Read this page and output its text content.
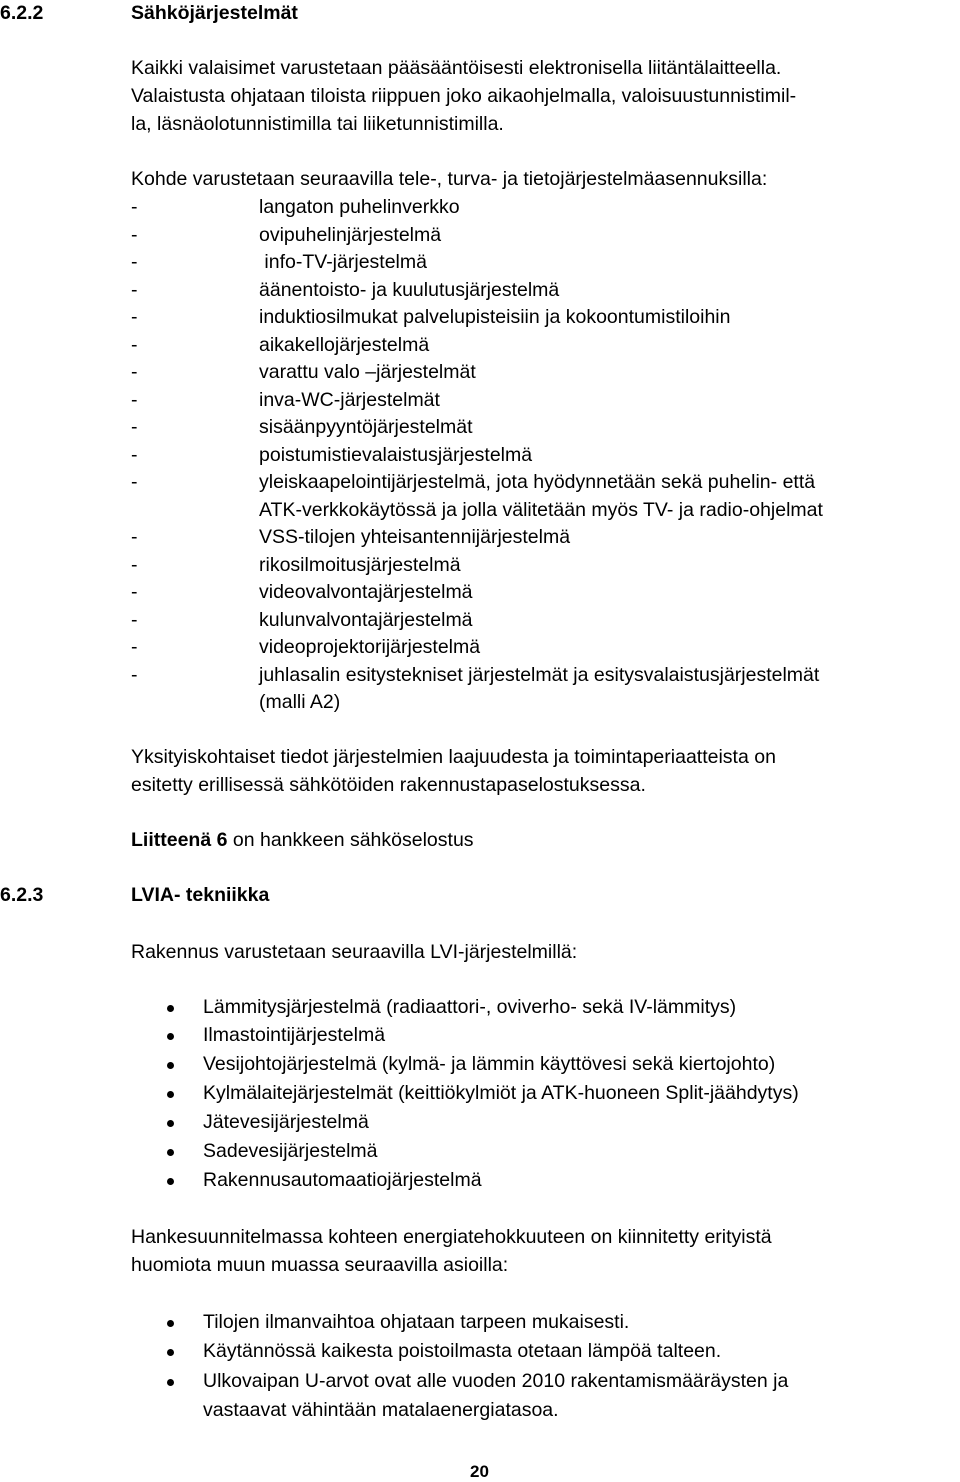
6.2.2	Sähköjärjestelmät
Kaikki valaisimet varustetaan pääsääntöisesti elektronisella liitäntälaitteella.
Valaistusta ohjataan tiloista riippuen joko aikaohjelmalla, valoisuustunnistimil-
la, läsnäolotunnistimilla tai liiketunnistimilla.
Kohde varustetaan seuraavilla tele-, turva- ja tietojärjestelmäasennuksilla:
-	langaton puhelinverkko
-	ovipuhelinjärjestelmä
-	info-TV-järjestelmä
-	äänentoisto- ja kuulutusjärjestelmä
-	induktiosilmukat palvelupisteisiin ja kokoontumistiloihin
-	aikakellojärjestelmä
-	varattu valo –järjestelmät
-	inva-WC-järjestelmät
-	sisäänpyyntöjärjestelmät
-	poistumistievalaistusjärjestelmä
-	yleiskaapelointijärjestelmä, jota hyödynnetään sekä puhelin- että
ATK-verkkokäytössä ja jolla välitetään myös TV- ja radio-ohjelmat
-	VSS-tilojen yhteisantennijärjestelmä
-	rikosilmoitusjärjestelmä
-	videovalvontajärjestelmä
-	kulunvalvontajärjestelmä
-	videoprojektorijärjestelmä
-	juhlasalin esitystekniset järjestelmät ja esitysvalaistusjärjestelmät
(malli A2)
Yksityiskohtaiset tiedot järjestelmien laajuudesta ja toimintaperiaatteista on
esitetty erillisessä sähkötöiden rakennustapaselostuksessa.
Liitteenä 6 on hankkeen sähköselostus
6.2.3	LVIA- tekniikka
Rakennus varustetaan seuraavilla LVI-järjestelmillä:
Lämmitysjärjestelmä (radiaattori-, oviverho- sekä IV-lämmitys)
Ilmastointijärjestelmä
Vesijohtojärjestelmä (kylmä- ja lämmin käyttövesi sekä kiertojohto)
Kylmälaitejärjestelmät (keittiökylmiöt ja ATK-huoneen Split-jäähdytys)
Jätevesijärjestelmä
Sadevesijärjestelmä
Rakennusautomaatiojärjestelmä
Hankesuunnitelmassa kohteen energiatehokkuuteen on kiinnitetty erityistä
huomiota muun muassa seuraavilla asioilla:
Tilojen ilmanvaihtoa ohjataan tarpeen mukaisesti.
Käytännössä kaikesta poistoilmasta otetaan lämpöä talteen.
Ulkovaipan U-arvot ovat alle vuoden 2010 rakentamismääräysten ja
vastaavat vähintään matalaenergiatasoa.
20
